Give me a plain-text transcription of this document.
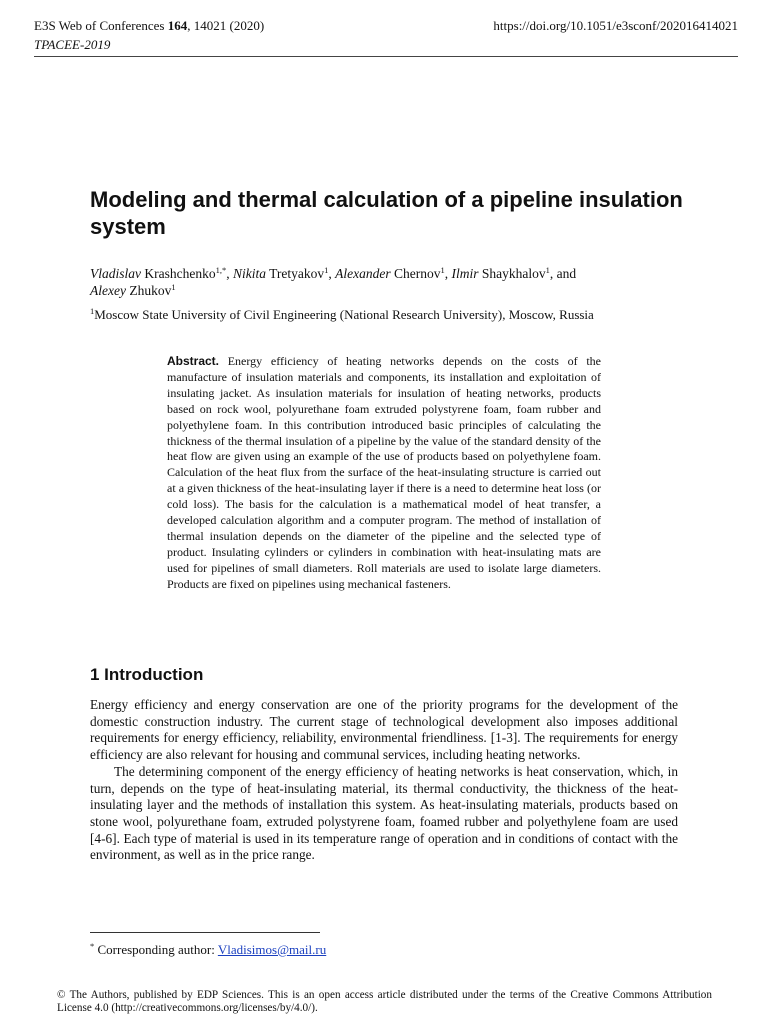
E3S Web of Conferences 164, 14021 (2020)	https://doi.org/10.1051/e3sconf/202016414021
TPACEE-2019
Modeling and thermal calculation of a pipeline insulation system
Vladislav Krashchenko$^{1,*}$, Nikita Tretyakov$^1$, Alexander Chernov$^1$, Ilmir Shaykhalov$^1$, and
Alexey Zhukov$^1$
$^1$Moscow State University of Civil Engineering (National Research University), Moscow, Russia
Abstract. Energy efficiency of heating networks depends on the costs of the manufacture of insulation materials and components, its installation and exploitation of insulating jacket. As insulation materials for insulation of heating networks, products based on rock wool, polyurethane foam extruded polystyrene foam, foam rubber and polyethylene foam. In this contribution introduced basic principles of calculating the thickness of the thermal insulation of a pipeline by the value of the standard density of the heat flow are given using an example of the use of products based on polyethylene foam. Calculation of the heat flux from the surface of the heat-insulating structure is carried out at a given thickness of the heat-insulating layer if there is a need to determine heat loss (or cold loss). The basis for the calculation is a mathematical model of heat transfer, a developed calculation algorithm and a computer program. The method of installation of thermal insulation depends on the diameter of the pipeline and the selected type of product. Insulating cylinders or cylinders in combination with heat-insulating mats are used for pipelines of small diameters. Roll materials are used to isolate large diameters. Products are fixed on pipelines using mechanical fasteners.
1 Introduction

Energy efficiency and energy conservation are one of the priority programs for the development of the domestic construction industry. The current stage of technological development also imposes additional requirements for energy efficiency, reliability, environmental friendliness. [1-3]. The requirements for energy efficiency are also relevant for housing and communal services, including heating networks.

The determining component of the energy efficiency of heating networks is heat conservation, which, in turn, depends on the type of heat-insulating material, its thermal conductivity, the thickness of the heat-insulating layer and the methods of installation this system. As heat-insulating materials, products based on stone wool, polyurethane foam, extruded polystyrene foam, foamed rubber and polyethylene foam are used [4-6]. Each type of material is used in its temperature range of operation and in conditions of contact with the environment, as well as in the price range.

* Corresponding author: Vladisimos@mail.ru
© The Authors, published by EDP Sciences. This is an open access article distributed under the terms of the Creative Commons Attribution License 4.0 (http://creativecommons.org/licenses/by/4.0/).
